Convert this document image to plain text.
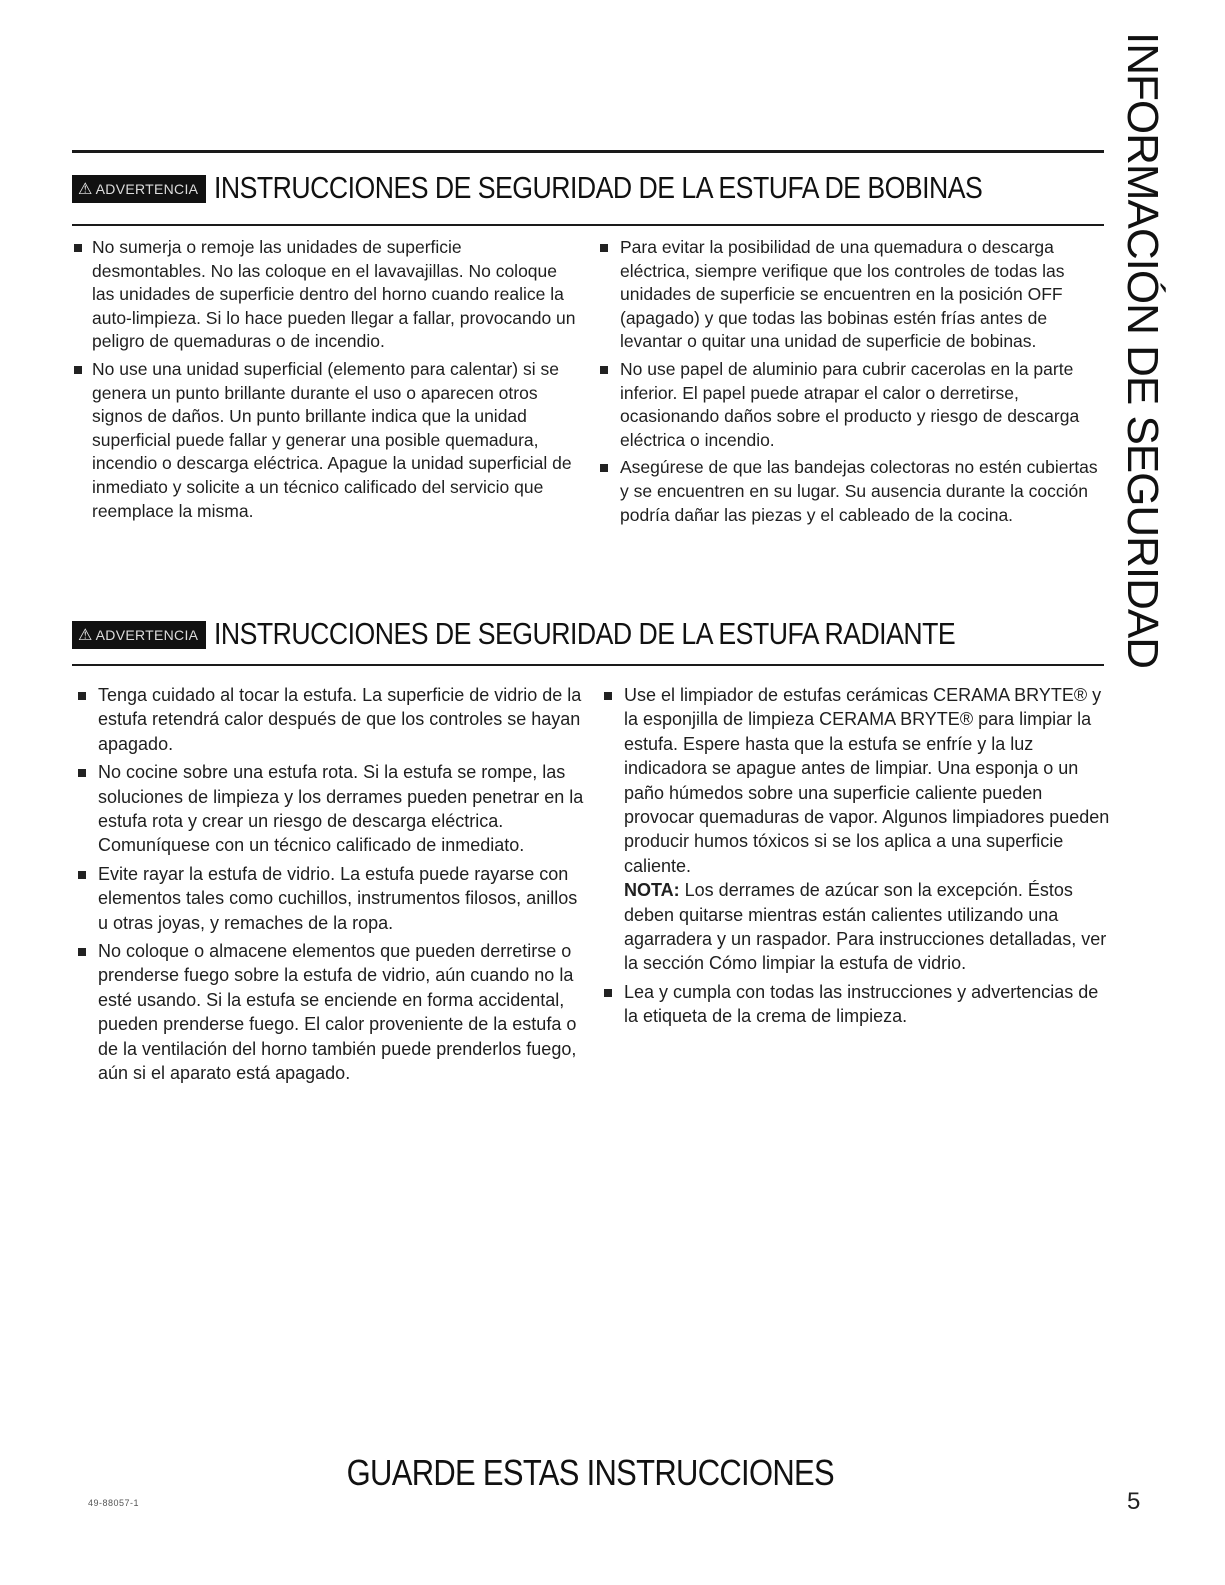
INFORMACIÓN DE SEGURIDAD
⚠ ADVERTENCIA INSTRUCCIONES DE SEGURIDAD DE LA ESTUFA DE BOBINAS
No sumerja o remoje las unidades de superficie desmontables. No las coloque en el lavavajillas. No coloque las unidades de superficie dentro del horno cuando realice la auto-limpieza. Si lo hace pueden llegar a fallar, provocando un peligro de quemaduras o de incendio.
No use una unidad superficial (elemento para calentar) si se genera un punto brillante durante el uso o aparecen otros signos de daños. Un punto brillante indica que la unidad superficial puede fallar y generar una posible quemadura, incendio o descarga eléctrica. Apague la unidad superficial de inmediato y solicite a un técnico calificado del servicio que reemplace la misma.
Para evitar la posibilidad de una quemadura o descarga eléctrica, siempre verifique que los controles de todas las unidades de superficie se encuentren en la posición OFF (apagado) y que todas las bobinas estén frías antes de levantar o quitar una unidad de superficie de bobinas.
No use papel de aluminio para cubrir cacerolas en la parte inferior. El papel puede atrapar el calor o derretirse, ocasionando daños sobre el producto y riesgo de descarga eléctrica o incendio.
Asegúrese de que las bandejas colectoras no estén cubiertas y se encuentren en su lugar. Su ausencia durante la cocción podría dañar las piezas y el cableado de la cocina.
⚠ ADVERTENCIA INSTRUCCIONES DE SEGURIDAD DE LA ESTUFA RADIANTE
Tenga cuidado al tocar la estufa. La superficie de vidrio de la estufa retendrá calor después de que los controles se hayan apagado.
No cocine sobre una estufa rota. Si la estufa se rompe, las soluciones de limpieza y los derrames pueden penetrar en la estufa rota y crear un riesgo de descarga eléctrica. Comuníquese con un técnico calificado de inmediato.
Evite rayar la estufa de vidrio. La estufa puede rayarse con elementos tales como cuchillos, instrumentos filosos, anillos u otras joyas, y remaches de la ropa.
No coloque o almacene elementos que pueden derretirse o prenderse fuego sobre la estufa de vidrio, aún cuando no la esté usando. Si la estufa se enciende en forma accidental, pueden prenderse fuego. El calor proveniente de la estufa o de la ventilación del horno también puede prenderlos fuego, aún si el aparato está apagado.
Use el limpiador de estufas cerámicas CERAMA BRYTE® y la esponjilla de limpieza CERAMA BRYTE® para limpiar la estufa. Espere hasta que la estufa se enfríe y la luz indicadora se apague antes de limpiar. Una esponja o un paño húmedos sobre una superficie caliente pueden provocar quemaduras de vapor. Algunos limpiadores pueden producir humos tóxicos si se los aplica a una superficie caliente.
NOTA: Los derrames de azúcar son la excepción. Éstos deben quitarse mientras están calientes utilizando una agarradera y un raspador. Para instrucciones detalladas, ver la sección Cómo limpiar la estufa de vidrio.
Lea y cumpla con todas las instrucciones y advertencias de la etiqueta de la crema de limpieza.
GUARDE ESTAS INSTRUCCIONES
49-88057-1	5
